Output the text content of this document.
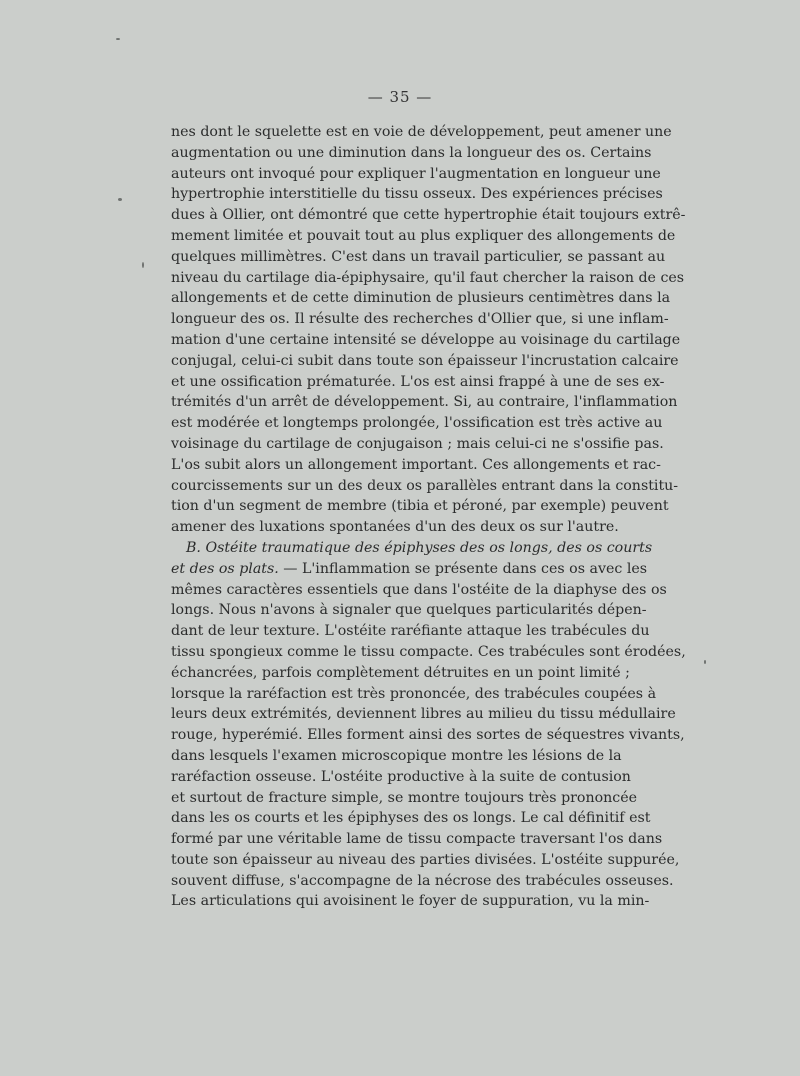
— 35 —
nes dont le squelette est en voie de développement, peut amener une
augmentation ou une diminution dans la longueur des os. Certains
auteurs ont invoqué pour expliquer l'augmentation en longueur une
hypertrophie interstitielle du tissu osseux. Des expériences précises
dues à Ollier, ont démontré que cette hypertrophie était toujours extrê-
mement limitée et pouvait tout au plus expliquer des allongements de
quelques millimètres. C'est dans un travail particulier, se passant au
niveau du cartilage dia-épiphysaire, qu'il faut chercher la raison de ces
allongements et de cette diminution de plusieurs centimètres dans la
longueur des os. Il résulte des recherches d'Ollier que, si une inflam-
mation d'une certaine intensité se développe au voisinage du cartilage
conjugal, celui-ci subit dans toute son épaisseur l'incrustation calcaire
et une ossification prématurée. L'os est ainsi frappé à une de ses ex-
trémités d'un arrêt de développement. Si, au contraire, l'inflammation
est modérée et longtemps prolongée, l'ossification est très active au
voisinage du cartilage de conjugaison ; mais celui-ci ne s'ossifie pas.
L'os subit alors un allongement important. Ces allongements et rac-
courcissements sur un des deux os parallèles entrant dans la constitu-
tion d'un segment de membre (tibia et péroné, par exemple) peuvent
amener des luxations spontanées d'un des deux os sur l'autre.
B. Ostéite traumatique des épiphyses des os longs, des os courts
et des os plats. — L'inflammation se présente dans ces os avec les
mêmes caractères essentiels que dans l'ostéite de la diaphyse des os
longs. Nous n'avons à signaler que quelques particularités dépen-
dant de leur texture. L'ostéite raréfiante attaque les trabécules du
tissu spongieux comme le tissu compacte. Ces trabécules sont érodées,
échancrées, parfois complètement détruites en un point limité ;
lorsque la raréfaction est très prononcée, des trabécules coupées à
leurs deux extrémités, deviennent libres au milieu du tissu médullaire
rouge, hyperémié. Elles forment ainsi des sortes de séquestres vivants,
dans lesquels l'examen microscopique montre les lésions de la
raréfaction osseuse. L'ostéite productive à la suite de contusion
et surtout de fracture simple, se montre toujours très prononcée
dans les os courts et les épiphyses des os longs. Le cal définitif est
formé par une véritable lame de tissu compacte traversant l'os dans
toute son épaisseur au niveau des parties divisées. L'ostéite suppurée,
souvent diffuse, s'accompagne de la nécrose des trabécules osseuses.
Les articulations qui avoisinent le foyer de suppuration, vu la min-
